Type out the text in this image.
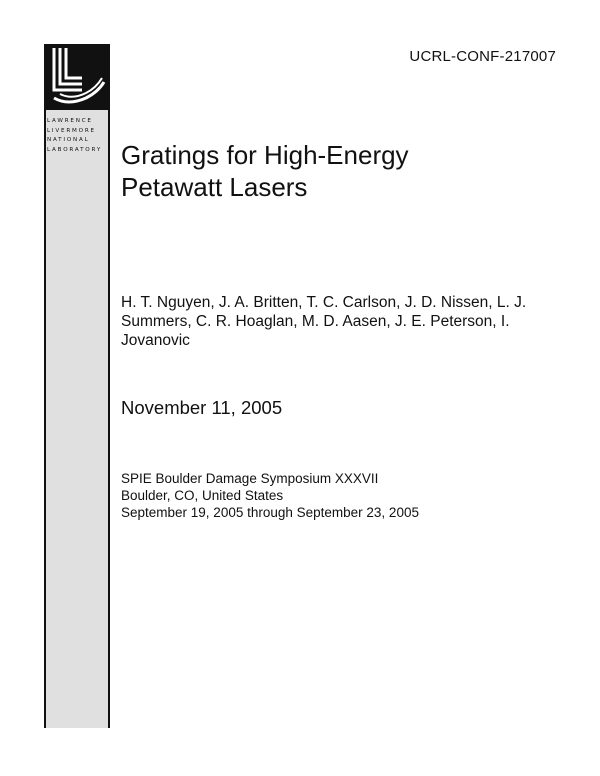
LAWRENCE
LIVERMORE
NATIONAL
LABORATORY
UCRL-CONF-217007
Gratings for High-Energy
Petawatt Lasers
H. T. Nguyen, J. A. Britten, T. C. Carlson, J. D. Nissen, L. J. Summers, C. R. Hoaglan, M. D. Aasen, J. E. Peterson, I. Jovanovic
November 11, 2005
SPIE Boulder Damage Symposium XXXVII
Boulder, CO, United States
September 19, 2005 through September 23, 2005
